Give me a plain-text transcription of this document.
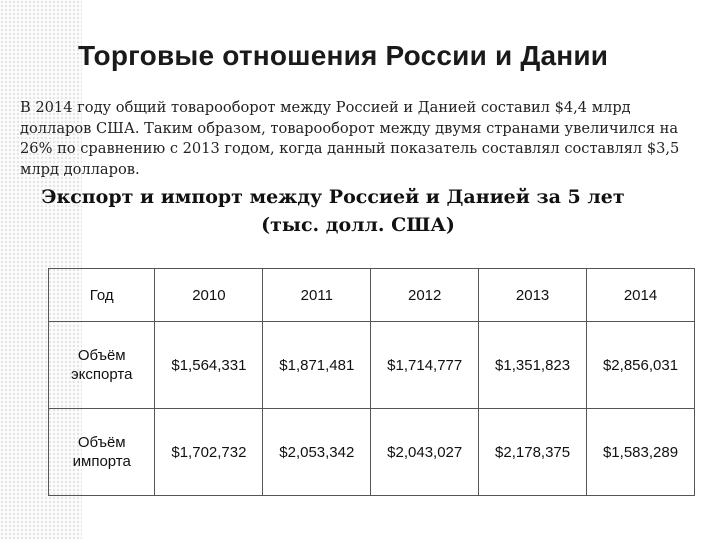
Торговые отношения России и Дании
В 2014 году общий товарооборот между Россией и Данией составил $4,4 млрд долларов США. Таким образом, товарооборот между двумя странами увеличился на 26% по сравнению с 2013 годом, когда данный показатель составлял составлял $3,5 млрд долларов.
Экспорт и импорт между Россией и Данией за 5 лет
(тыс. долл. США)
Год	2010	2011	2012	2013	2014
Объём экспорта	$1,564,331	$1,871,481	$1,714,777	$1,351,823	$2,856,031
Объём импорта	$1,702,732	$2,053,342	$2,043,027	$2,178,375	$1,583,289
